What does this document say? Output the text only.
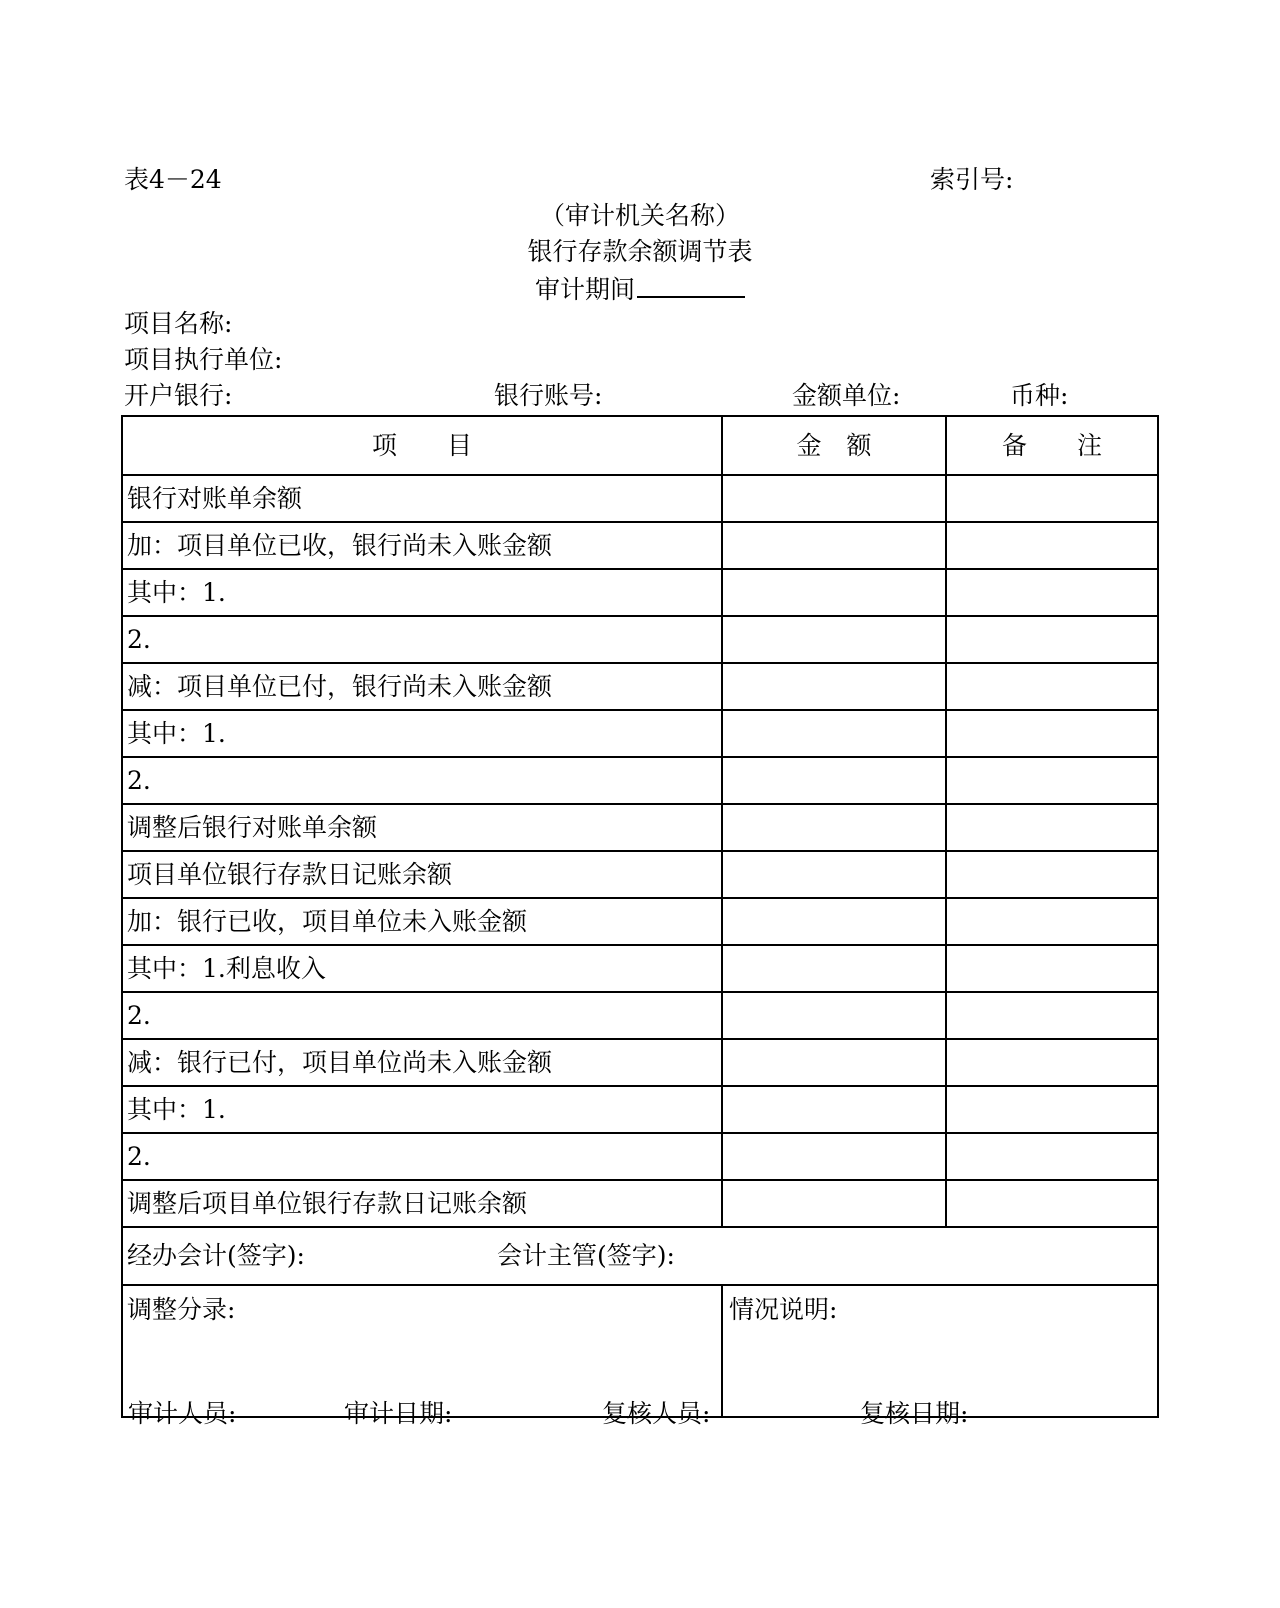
表4－24	索引号:
（审计机关名称）
银行存款余额调节表
审计期间
项目名称:
项目执行单位:
开户银行:	银行账号:	金额单位:	币种:
项　　目	金　额	备　　注
银行对账单余额
加：项目单位已收，银行尚未入账金额
其中：1.
2.
减：项目单位已付，银行尚未入账金额
其中：1.
2.
调整后银行对账单余额
项目单位银行存款日记账余额
加：银行已收，项目单位未入账金额
其中：1.利息收入
2.
减：银行已付，项目单位尚未入账金额
其中：1.
2.
调整后项目单位银行存款日记账余额
经办会计(签字):	会计主管(签字):
调整分录:	情况说明:
审计人员:	审计日期:	复核人员:	复核日期:
